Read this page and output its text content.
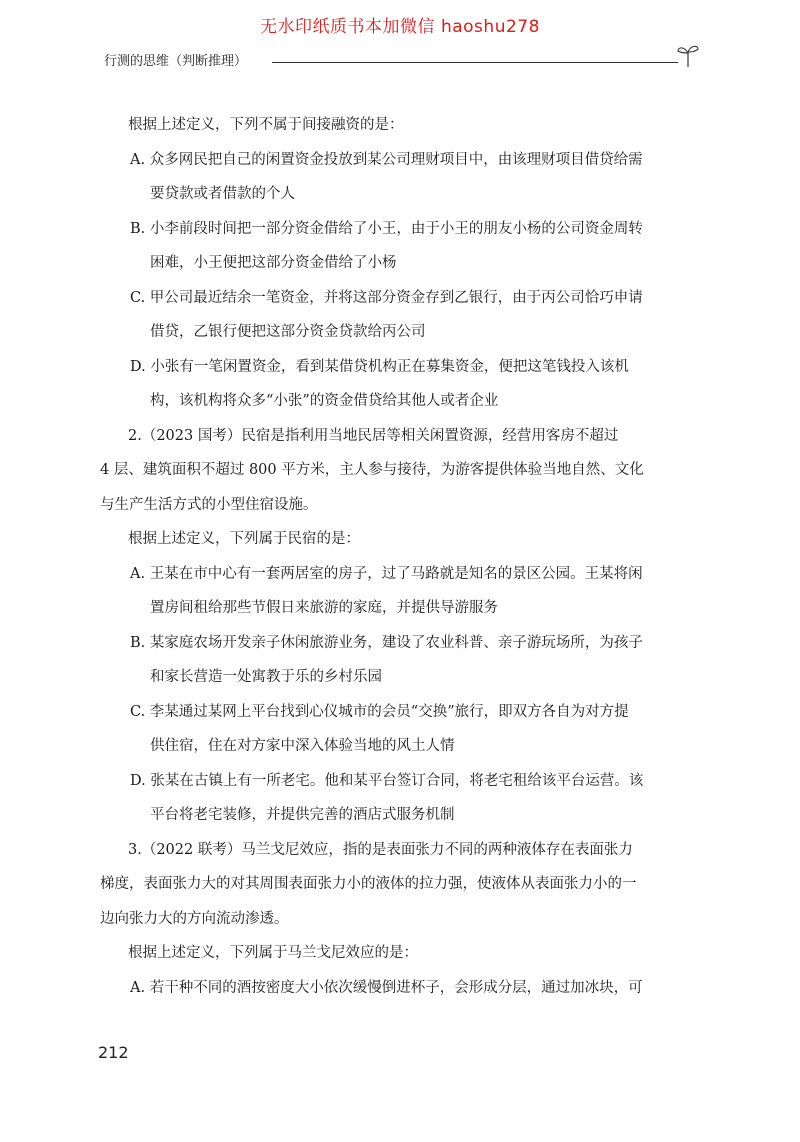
无水印纸质书本加微信 haoshu278
行测的思维（判断推理）
根据上述定义，下列不属于间接融资的是：
A. 众多网民把自己的闲置资金投放到某公司理财项目中，由该理财项目借贷给需
要贷款或者借款的个人
B. 小李前段时间把一部分资金借给了小王，由于小王的朋友小杨的公司资金周转
困难，小王便把这部分资金借给了小杨
C. 甲公司最近结余一笔资金，并将这部分资金存到乙银行，由于丙公司恰巧申请
借贷，乙银行便把这部分资金贷款给丙公司
D. 小张有一笔闲置资金，看到某借贷机构正在募集资金，便把这笔钱投入该机
构，该机构将众多“小张”的资金借贷给其他人或者企业
2.（2023 国考）民宿是指利用当地民居等相关闲置资源，经营用客房不超过
4 层、建筑面积不超过 800 平方米，主人参与接待，为游客提供体验当地自然、文化
与生产生活方式的小型住宿设施。
根据上述定义，下列属于民宿的是：
A. 王某在市中心有一套两居室的房子，过了马路就是知名的景区公园。王某将闲
置房间租给那些节假日来旅游的家庭，并提供导游服务
B. 某家庭农场开发亲子休闲旅游业务，建设了农业科普、亲子游玩场所，为孩子
和家长营造一处寓教于乐的乡村乐园
C. 李某通过某网上平台找到心仪城市的会员“交换”旅行，即双方各自为对方提
供住宿，住在对方家中深入体验当地的风土人情
D. 张某在古镇上有一所老宅。他和某平台签订合同，将老宅租给该平台运营。该
平台将老宅装修，并提供完善的酒店式服务机制
3.（2022 联考）马兰戈尼效应，指的是表面张力不同的两种液体存在表面张力
梯度，表面张力大的对其周围表面张力小的液体的拉力强，使液体从表面张力小的一
边向张力大的方向流动渗透。
根据上述定义，下列属于马兰戈尼效应的是：
A. 若干种不同的酒按密度大小依次缓慢倒进杯子，会形成分层，通过加冰块，可
212
